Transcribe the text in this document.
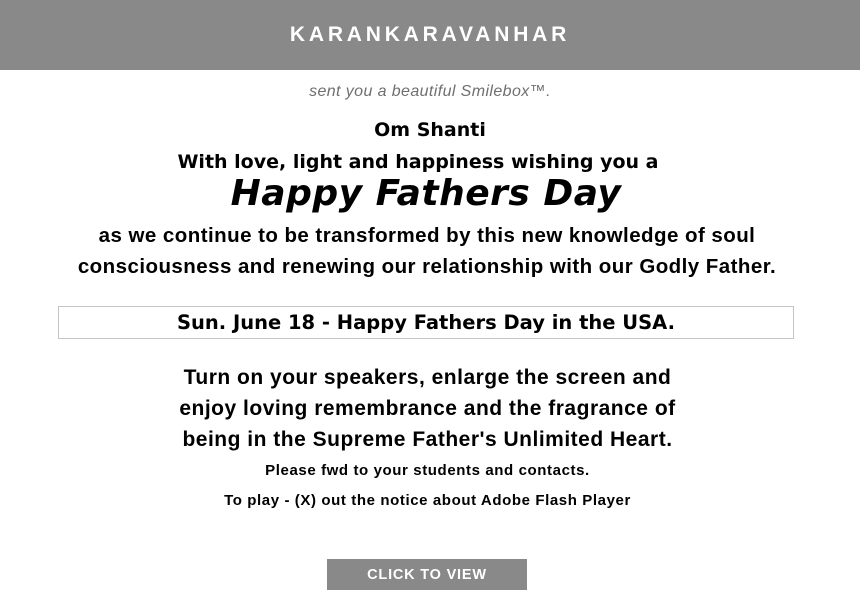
KARANKARAVANHAR
sent you a beautiful Smilebox™.
Om Shanti
With love, light and happiness wishing you a
Happy Fathers Day
as we continue to be transformed by this new knowledge of soul
consciousness and renewing our relationship with our Godly Father.
Sun. June 18 - Happy Fathers Day in the USA.
Turn on your speakers, enlarge the screen and
enjoy loving remembrance and the fragrance of
being in the Supreme Father's Unlimited Heart.
Please fwd to your students and contacts.
To play - (X) out the notice about Adobe Flash Player
CLICK TO VIEW
